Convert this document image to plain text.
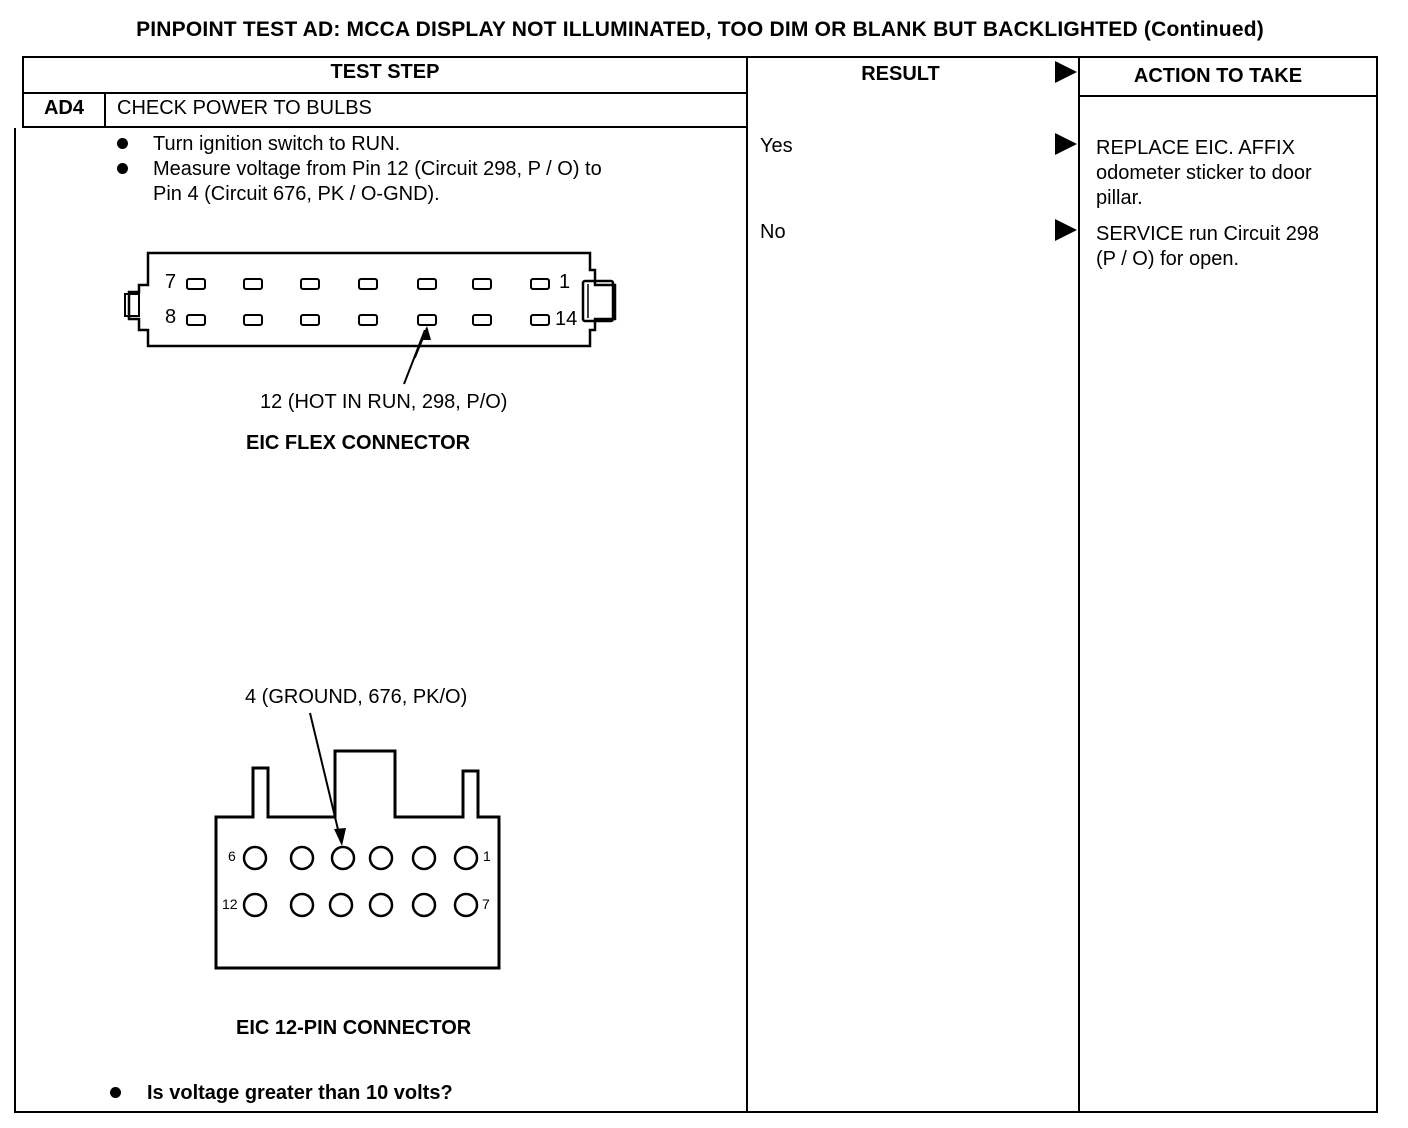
PINPOINT TEST AD: MCCA DISPLAY NOT ILLUMINATED, TOO DIM OR BLANK BUT BACKLIGHTED (Continued)
TEST STEP	RESULT	ACTION TO TAKE
AD4	CHECK POWER TO BULBS
Turn ignition switch to RUN.
Measure voltage from Pin 12 (Circuit 298, P / O) to
Pin 4 (Circuit 676, PK / O-GND).
7	1
8	14
12 (HOT IN RUN, 298, P/O)
EIC FLEX CONNECTOR
4 (GROUND, 676, PK/O)
6	1
12	7
EIC 12-PIN CONNECTOR
Is voltage greater than 10 volts?
Yes	REPLACE EIC. AFFIX
odometer sticker to door
pillar.
No	SERVICE run Circuit 298
(P / O) for open.
